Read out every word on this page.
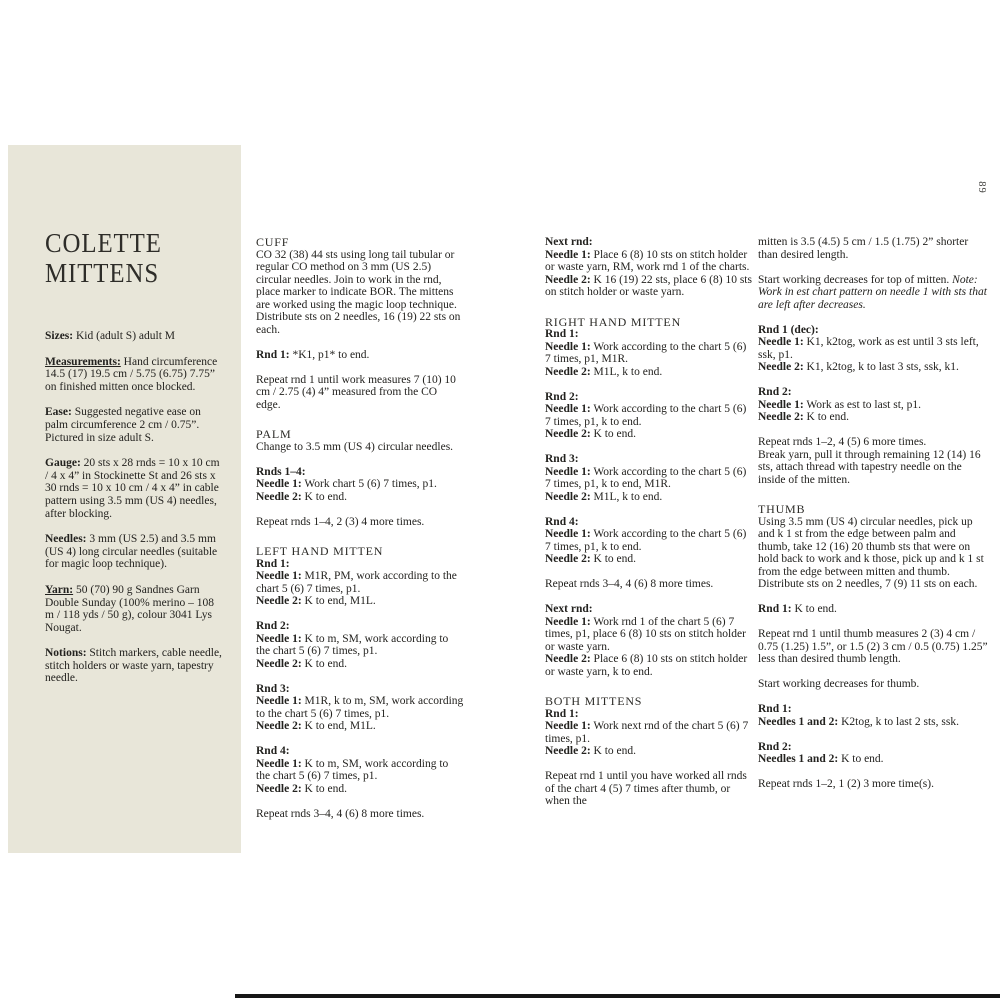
89
COLETTE
MITTENS

Sizes: Kid (adult S) adult M

Measurements: Hand circumference 14.5 (17) 19.5 cm / 5.75 (6.75) 7.75” on finished mitten once blocked.

Ease: Suggested negative ease on palm circumference 2 cm / 0.75”. Pictured in size adult S.

Gauge: 20 sts x 28 rnds = 10 x 10 cm / 4 x 4” in Stockinette St and 26 sts x 30 rnds = 10 x 10 cm / 4 x 4” in cable pattern using 3.5 mm (US 4) needles, after blocking.

Needles: 3 mm (US 2.5) and 3.5 mm (US 4) long circular needles (suitable for magic loop technique).

Yarn: 50 (70) 90 g Sandnes Garn Double Sunday (100% merino – 108 m / 118 yds / 50 g), colour 3041 Lys Nougat.

Notions: Stitch markers, cable needle, stitch holders or waste yarn, tapestry needle.

CUFF
CO 32 (38) 44 sts using long tail tubular or regular CO method on 3 mm (US 2.5) circular needles. Join to work in the rnd, place marker to indicate BOR. The mittens are worked using the magic loop technique. Distribute sts on 2 needles, 16 (19) 22 sts on each.
Rnd 1: *K1, p1* to end.
Repeat rnd 1 until work measures 7 (10) 10 cm / 2.75 (4) 4” measured from the CO edge.
PALM
Change to 3.5 mm (US 4) circular needles.
Rnds 1–4:
Needle 1: Work chart 5 (6) 7 times, p1.
Needle 2: K to end.
Repeat rnds 1–4, 2 (3) 4 more times.
LEFT HAND MITTEN
Rnd 1:
Needle 1: M1R, PM, work according to the chart 5 (6) 7 times, p1.
Needle 2: K to end, M1L.
Rnd 2:
Needle 1: K to m, SM, work according to the chart 5 (6) 7 times, p1.
Needle 2: K to end.
Rnd 3:
Needle 1: M1R, k to m, SM, work according to the chart 5 (6) 7 times, p1.
Needle 2: K to end, M1L.
Rnd 4:
Needle 1: K to m, SM, work according to the chart 5 (6) 7 times, p1.
Needle 2: K to end.
Repeat rnds 3–4, 4 (6) 8 more times.
Next rnd:
Needle 1: Place 6 (8) 10 sts on stitch holder or waste yarn, RM, work rnd 1 of the charts.
Needle 2: K 16 (19) 22 sts, place 6 (8) 10 sts on stitch holder or waste yarn.
RIGHT HAND MITTEN
Rnd 1:
Needle 1: Work according to the chart 5 (6) 7 times, p1, M1R.
Needle 2: M1L, k to end.
Rnd 2:
Needle 1: Work according to the chart 5 (6) 7 times, p1, k to end.
Needle 2: K to end.
Rnd 3:
Needle 1: Work according to the chart 5 (6) 7 times, p1, k to end, M1R.
Needle 2: M1L, k to end.
Rnd 4:
Needle 1: Work according to the chart 5 (6) 7 times, p1, k to end.
Needle 2: K to end.
Repeat rnds 3–4, 4 (6) 8 more times.
Next rnd:
Needle 1: Work rnd 1 of the chart 5 (6) 7 times, p1, place 6 (8) 10 sts on stitch holder or waste yarn.
Needle 2: Place 6 (8) 10 sts on stitch holder or waste yarn, k to end.
BOTH MITTENS
Rnd 1:
Needle 1: Work next rnd of the chart 5 (6) 7 times, p1.
Needle 2: K to end.
Repeat rnd 1 until you have worked all rnds of the chart 4 (5) 7 times after thumb, or when the
mitten is 3.5 (4.5) 5 cm / 1.5 (1.75) 2” shorter than desired length.
Start working decreases for top of mitten. Note: Work in est chart pattern on needle 1 with sts that are left after decreases.
Rnd 1 (dec):
Needle 1: K1, k2tog, work as est until 3 sts left, ssk, p1.
Needle 2: K1, k2tog, k to last 3 sts, ssk, k1.
Rnd 2:
Needle 1: Work as est to last st, p1.
Needle 2: K to end.
Repeat rnds 1–2, 4 (5) 6 more times.
Break yarn, pull it through remaining 12 (14) 16 sts, attach thread with tapestry needle on the inside of the mitten.
THUMB
Using 3.5 mm (US 4) circular needles, pick up and k 1 st from the edge between palm and thumb, take 12 (16) 20 thumb sts that were on hold back to work and k those, pick up and k 1 st from the edge between mitten and thumb. Distribute sts on 2 needles, 7 (9) 11 sts on each.
Rnd 1: K to end.
Repeat rnd 1 until thumb measures 2 (3) 4 cm / 0.75 (1.25) 1.5”, or 1.5 (2) 3 cm / 0.5 (0.75) 1.25” less than desired thumb length.
Start working decreases for thumb.
Rnd 1:
Needles 1 and 2: K2tog, k to last 2 sts, ssk.
Rnd 2:
Needles 1 and 2: K to end.
Repeat rnds 1–2, 1 (2) 3 more time(s).
